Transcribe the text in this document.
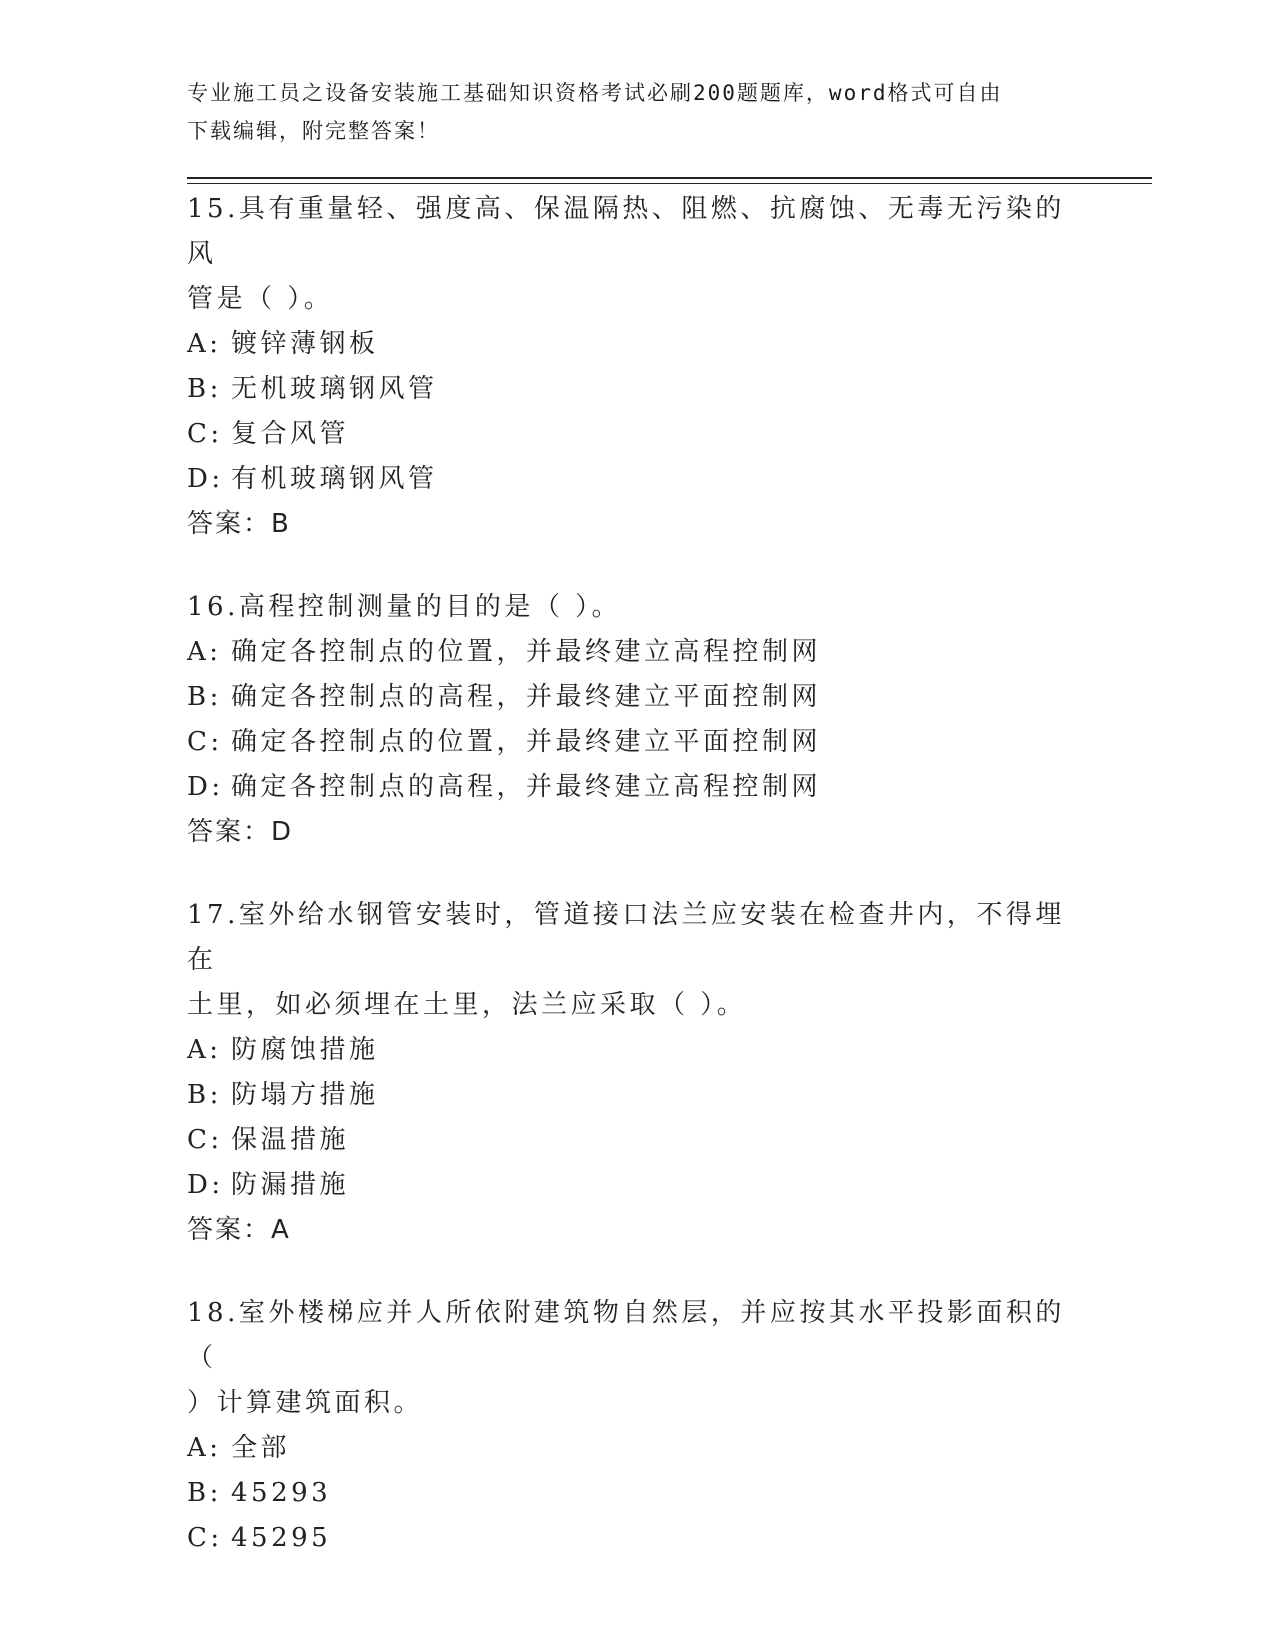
专业施工员之设备安装施工基础知识资格考试必刷200题题库，word格式可自由
下载编辑，附完整答案！

15.具有重量轻、强度高、保温隔热、阻燃、抗腐蚀、无毒无污染的风

管是（ ）。

A: 镀锌薄钢板

B: 无机玻璃钢风管

C: 复合风管

D: 有机玻璃钢风管

答案：B

16.高程控制测量的目的是（ ）。

A: 确定各控制点的位置，并最终建立高程控制网

B: 确定各控制点的高程，并最终建立平面控制网

C: 确定各控制点的位置，并最终建立平面控制网

D: 确定各控制点的高程，并最终建立高程控制网

答案：D

17.室外给水钢管安装时，管道接口法兰应安装在检查井内，不得埋在

土里，如必须埋在土里，法兰应采取（ ）。

A: 防腐蚀措施

B: 防塌方措施

C: 保温措施

D: 防漏措施

答案：A

18.室外楼梯应并人所依附建筑物自然层，并应按其水平投影面积的（

）计算建筑面积。

A: 全部

B: 45293

C: 45295
